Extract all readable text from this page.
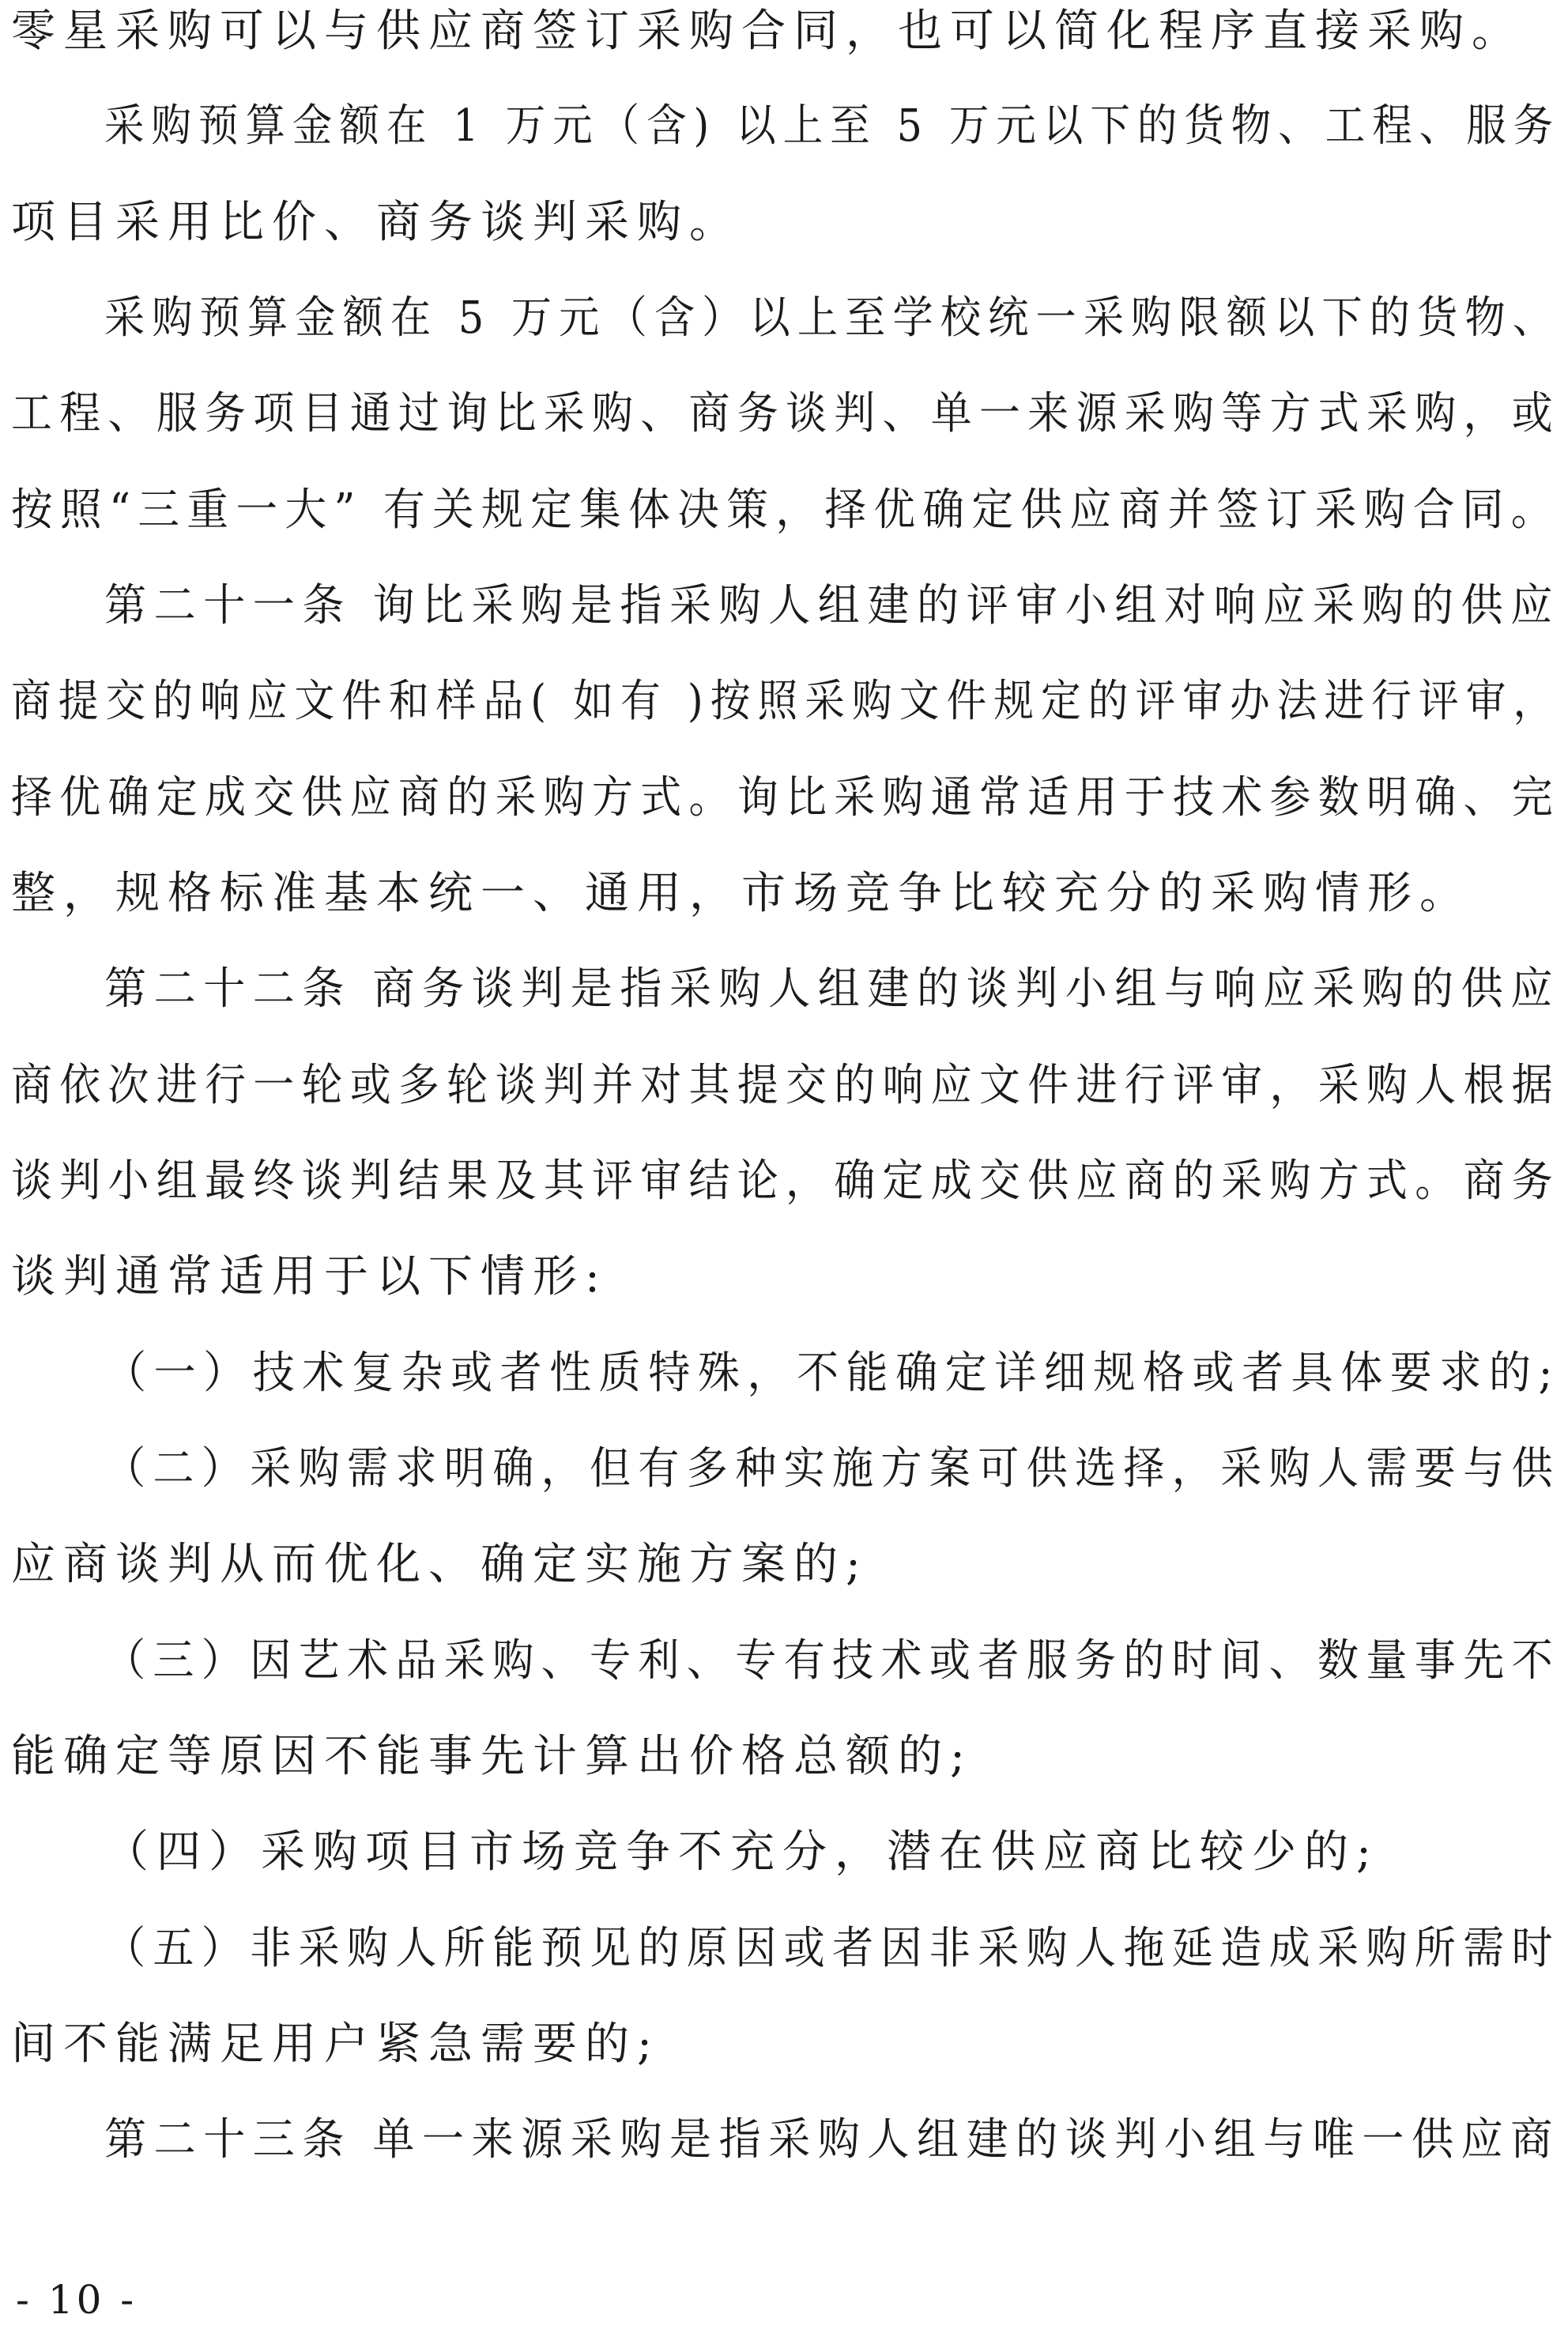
零星采购可以与供应商签订采购合同，也可以简化程序直接采购。
采购预算金额在 1 万元（含) 以上至 5 万元以下的货物、工程、服务
项目采用比价、商务谈判采购。
采购预算金额在 5 万元（含）以上至学校统一采购限额以下的货物、
工程、服务项目通过询比采购、商务谈判、单一来源采购等方式采购，或
按照“三重一大” 有关规定集体决策，择优确定供应商并签订采购合同。
第二十一条 询比采购是指采购人组建的评审小组对响应采购的供应
商提交的响应文件和样品( 如有 )按照采购文件规定的评审办法进行评审，
择优确定成交供应商的采购方式。询比采购通常适用于技术参数明确、完
整，规格标准基本统一、通用，市场竞争比较充分的采购情形。
第二十二条 商务谈判是指采购人组建的谈判小组与响应采购的供应
商依次进行一轮或多轮谈判并对其提交的响应文件进行评审，采购人根据
谈判小组最终谈判结果及其评审结论，确定成交供应商的采购方式。商务
谈判通常适用于以下情形:
（一）技术复杂或者性质特殊，不能确定详细规格或者具体要求的;
（二）采购需求明确，但有多种实施方案可供选择，采购人需要与供
应商谈判从而优化、确定实施方案的;
（三）因艺术品采购、专利、专有技术或者服务的时间、数量事先不
能确定等原因不能事先计算出价格总额的;
（四）采购项目市场竞争不充分，潜在供应商比较少的;
（五）非采购人所能预见的原因或者因非采购人拖延造成采购所需时
间不能满足用户紧急需要的;
第二十三条 单一来源采购是指采购人组建的谈判小组与唯一供应商
- 10 -
